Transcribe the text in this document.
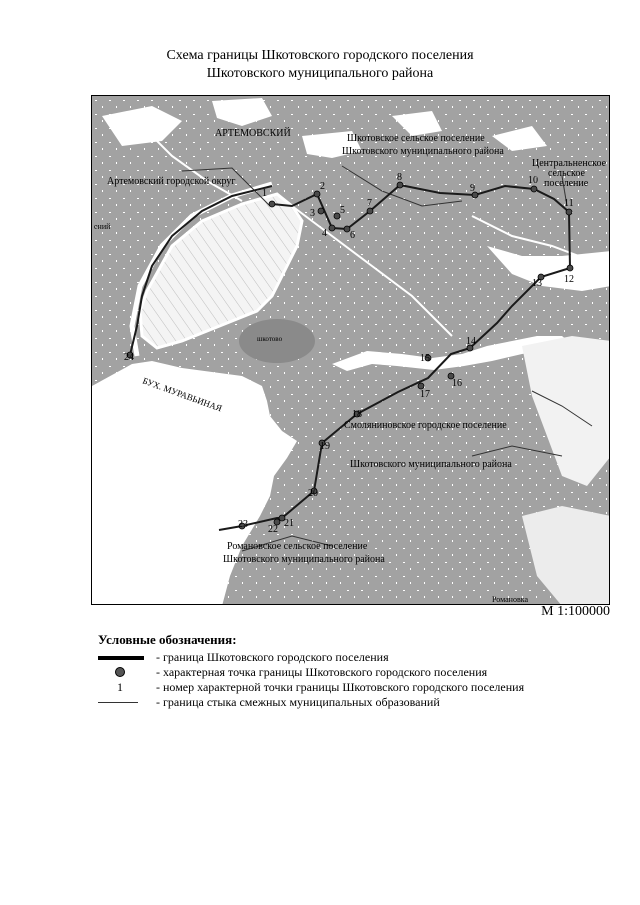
Схема границы Шкотовского городского поселения
Шкотовского муниципального района
1
2
3
4
5
6
7
8
9
10
11
12
13
14
15
16
17
18
19
20
21
22
23
24
АРТЕМОВСКИЙ
Артемовский городской округ
Шкотовское сельское поселение
Шкотовского муниципального района
Центральненское
сельское
поселение
БУХ. МУРАВЬИНАЯ
Смоляниновское городское поселение
Шкотовского муниципального района
Романовское сельское поселение
Шкотовского муниципального района
Романовка
ений
шкотово
М 1:100000
Условные обозначения:
- граница Шкотовского городского поселения
- характерная точка границы Шкотовского городского поселения
1	- номер характерной точки границы Шкотовского городского поселения
- граница стыка смежных муниципальных образований
